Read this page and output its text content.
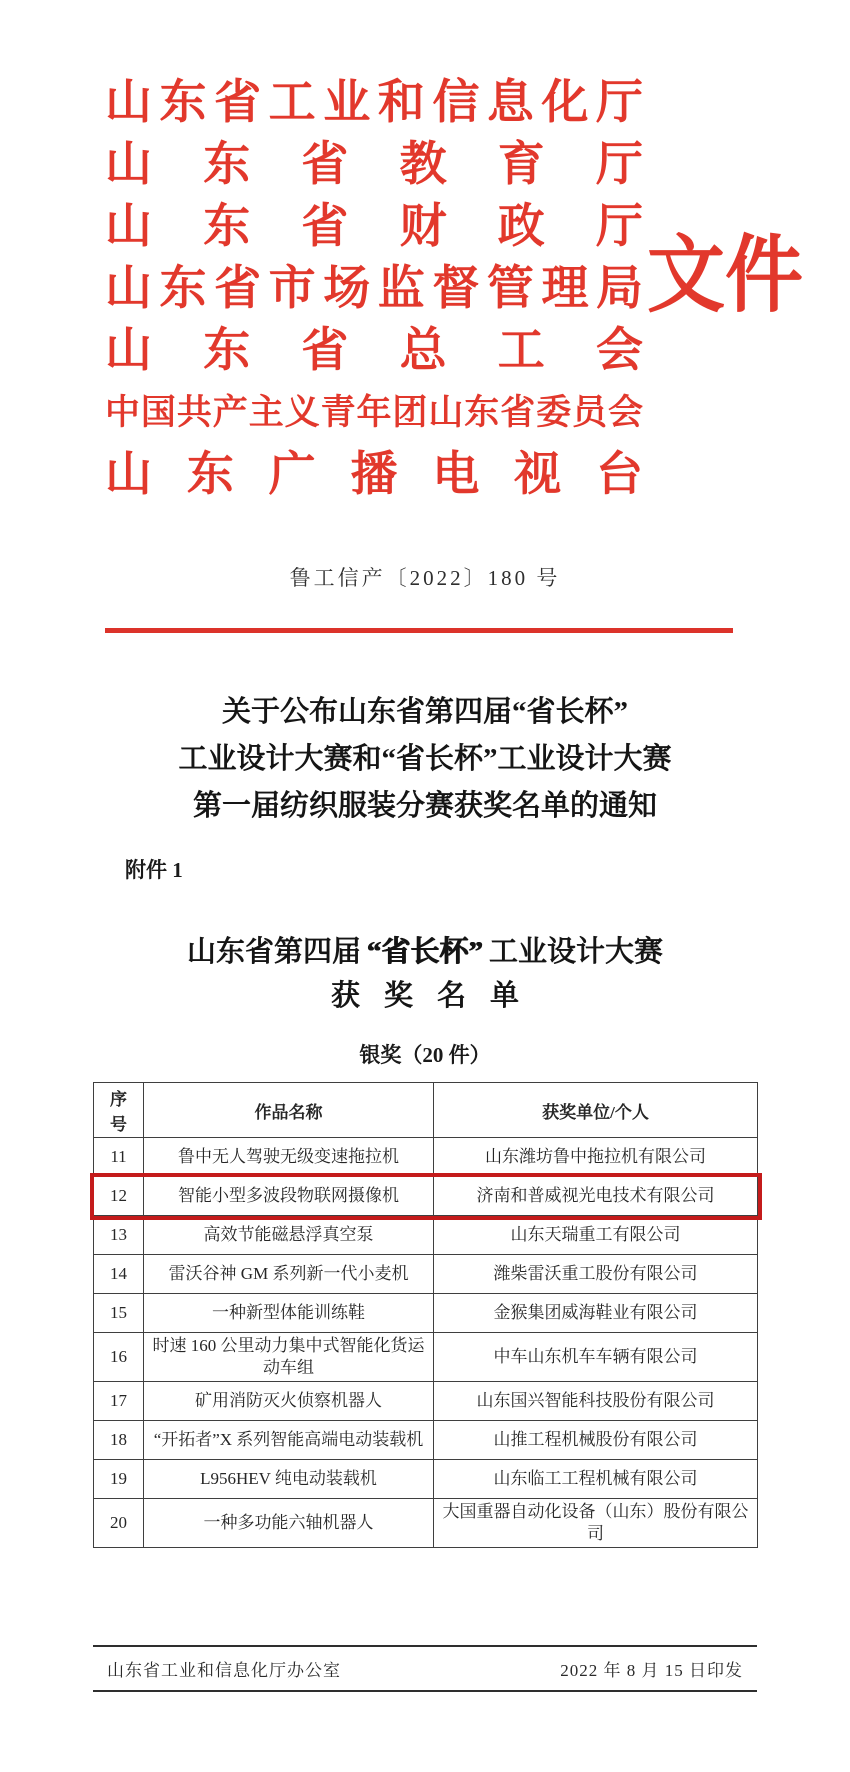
山东省工业和信息化厅
山东省教育厅
山东省财政厅
山东省市场监督管理局
山东省总工会
中国共产主义青年团山东省委员会
山东广播电视台
文件
鲁工信产〔2022〕180 号
关于公布山东省第四届“省长杯”
工业设计大赛和“省长杯”工业设计大赛
第一届纺织服装分赛获奖名单的通知
附件 1
山东省第四届 “省长杯” 工业设计大赛
获奖名单
银奖（20 件）
序号	作品名称	获奖单位/个人
11	鲁中无人驾驶无级变速拖拉机	山东潍坊鲁中拖拉机有限公司
12	智能小型多波段物联网摄像机	济南和普威视光电技术有限公司
13	高效节能磁悬浮真空泵	山东天瑞重工有限公司
14	雷沃谷神 GM 系列新一代小麦机	潍柴雷沃重工股份有限公司
15	一种新型体能训练鞋	金猴集团威海鞋业有限公司
16	时速 160 公里动力集中式智能化货运动车组	中车山东机车车辆有限公司
17	矿用消防灭火侦察机器人	山东国兴智能科技股份有限公司
18	“开拓者”X 系列智能高端电动装载机	山推工程机械股份有限公司
19	L956HEV 纯电动装载机	山东临工工程机械有限公司
20	一种多功能六轴机器人	大国重器自动化设备（山东）股份有限公司
山东省工业和信息化厅办公室	2022 年 8 月 15 日印发
